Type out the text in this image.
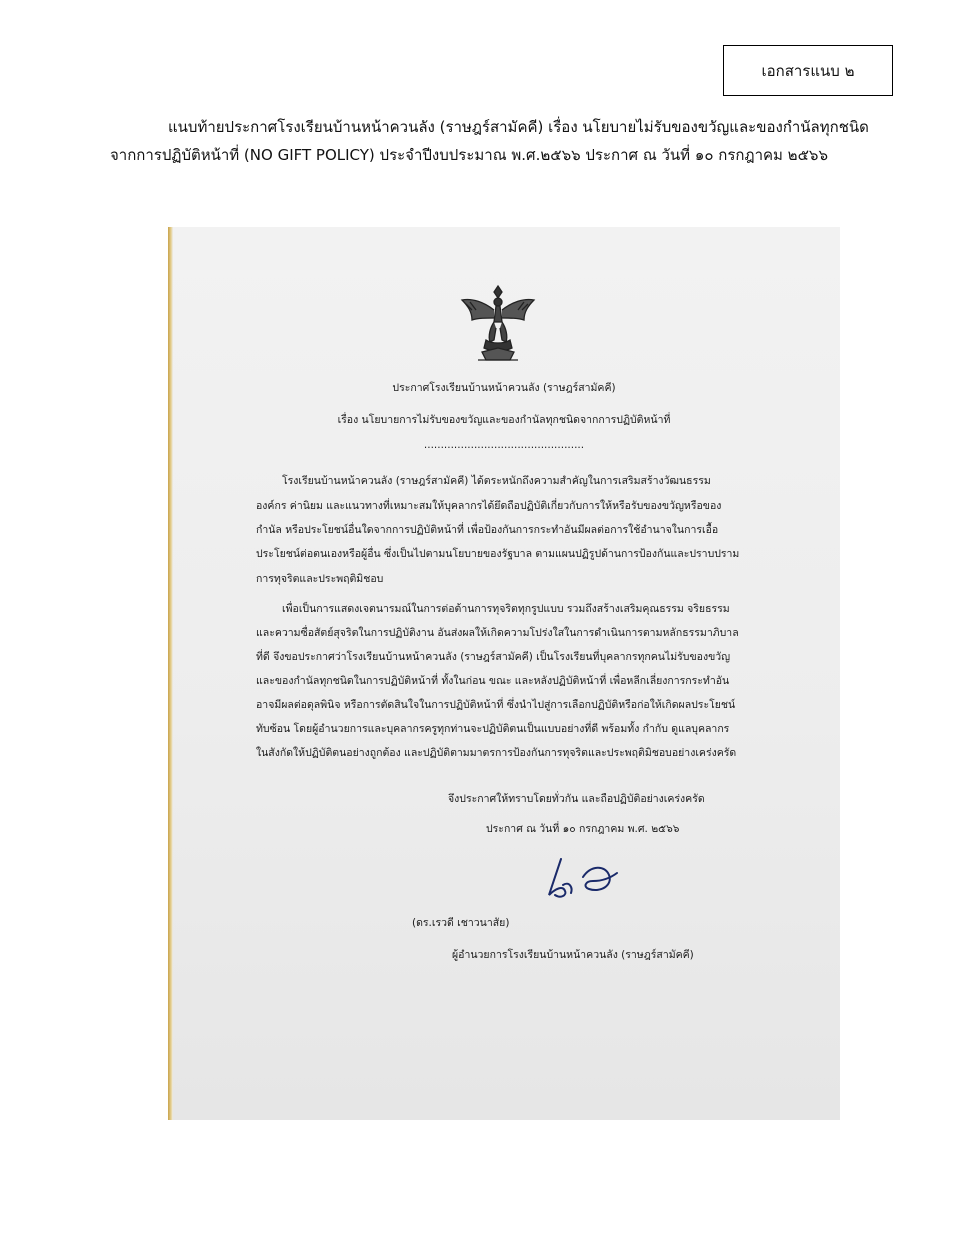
เอกสารแนบ ๒
แนบท้ายประกาศโรงเรียนบ้านหน้าควนลัง (ราษฎร์สามัคคี) เรื่อง นโยบายไม่รับของขวัญและของกำนัลทุกชนิด
จากการปฏิบัติหน้าที่ (NO GIFT POLICY) ประจำปีงบประมาณ พ.ศ.๒๕๖๖ ประกาศ ณ วันที่ ๑๐ กรกฎาคม ๒๕๖๖
ประกาศโรงเรียนบ้านหน้าควนลัง (ราษฎร์สามัคคี)
เรื่อง นโยบายการไม่รับของขวัญและของกำนัลทุกชนิดจากการปฏิบัติหน้าที่
................................................
โรงเรียนบ้านหน้าควนลัง (ราษฎร์สามัคคี) ได้ตระหนักถึงความสำคัญในการเสริมสร้างวัฒนธรรม
องค์กร ค่านิยม และแนวทางที่เหมาะสมให้บุคลากรได้ยึดถือปฏิบัติเกี่ยวกับการให้หรือรับของขวัญหรือของ
กำนัล หรือประโยชน์อื่นใดจากการปฏิบัติหน้าที่ เพื่อป้องกันการกระทำอันมีผลต่อการใช้อำนาจในการเอื้อ
ประโยชน์ต่อตนเองหรือผู้อื่น ซึ่งเป็นไปตามนโยบายของรัฐบาล ตามแผนปฏิรูปด้านการป้องกันและปราบปราม
การทุจริตและประพฤติมิชอบ
เพื่อเป็นการแสดงเจตนารมณ์ในการต่อต้านการทุจริตทุกรูปแบบ รวมถึงสร้างเสริมคุณธรรม จริยธรรม
และความซื่อสัตย์สุจริตในการปฏิบัติงาน อันส่งผลให้เกิดความโปร่งใสในการดำเนินการตามหลักธรรมาภิบาล
ที่ดี จึงขอประกาศว่าโรงเรียนบ้านหน้าควนลัง (ราษฎร์สามัคคี) เป็นโรงเรียนที่บุคลากรทุกคนไม่รับของขวัญ
และของกำนัลทุกชนิดในการปฏิบัติหน้าที่ ทั้งในก่อน ขณะ และหลังปฏิบัติหน้าที่ เพื่อหลีกเลี่ยงการกระทำอัน
อาจมีผลต่อดุลพินิจ หรือการตัดสินใจในการปฏิบัติหน้าที่ ซึ่งนำไปสู่การเลือกปฏิบัติหรือก่อให้เกิดผลประโยชน์
ทับซ้อน โดยผู้อำนวยการและบุคลากรครูทุกท่านจะปฏิบัติตนเป็นแบบอย่างที่ดี พร้อมทั้ง กำกับ ดูแลบุคลากร
ในสังกัดให้ปฏิบัติตนอย่างถูกต้อง และปฏิบัติตามมาตรการป้องกันการทุจริตและประพฤติมิชอบอย่างเคร่งครัด
จึงประกาศให้ทราบโดยทั่วกัน และถือปฏิบัติอย่างเคร่งครัด
ประกาศ ณ วันที่ ๑๐ กรกฎาคม พ.ศ. ๒๕๖๖
(ดร.เรวดี เชาวนาสัย)
ผู้อำนวยการโรงเรียนบ้านหน้าควนลัง (ราษฎร์สามัคคี)
